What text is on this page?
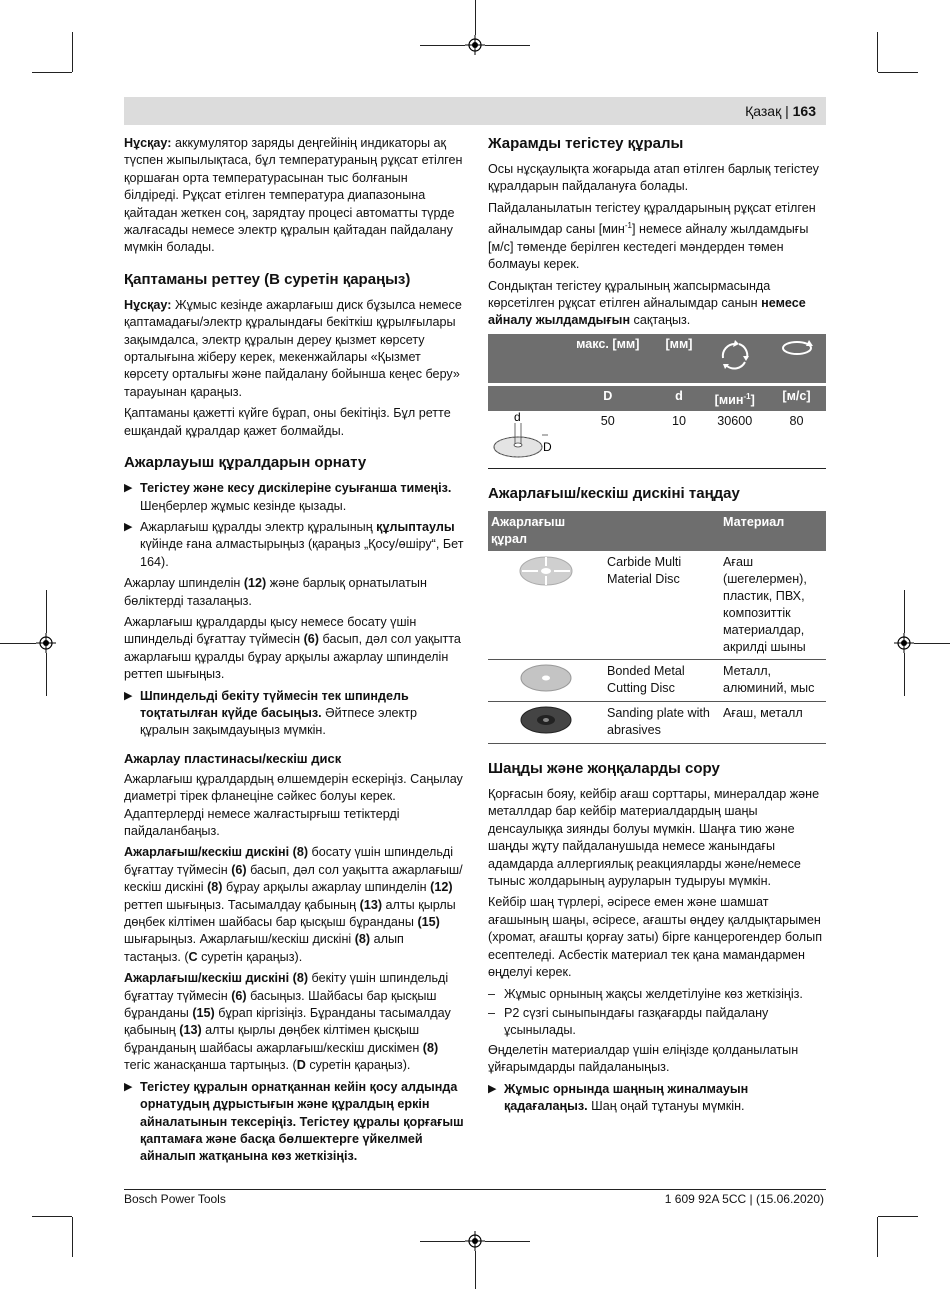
Қазақ | 163

Нұсқау: аккумулятор заряды деңгейінің индикаторы ақ түспен жыпылықтаса, бұл температураның рұқсат етілген қоршаған орта температурасынан тыс болғанын білдіреді. Рұқсат етілген температура диапазонына қайтадан жеткен соң, зарядтау процесі автоматты түрде жалғасады немесе электр құралын қайтадан пайдалану мүмкін болады.

Қаптаманы реттеу (B суретін қараңыз)

Нұсқау: Жұмыс кезінде ажарлағыш диск бұзылса немесе қаптамадағы/электр құралындағы бекіткіш құрылғылары зақымдалса, электр құралын дереу қызмет көрсету орталығына жіберу керек, мекенжайлары «Қызмет көрсету орталығы және пайдалану бойынша кеңес беру» тарауынан қараңыз.

Қаптаманы қажетті күйге бұрап, оны бекітіңіз. Бұл ретте ешқандай құралдар қажет болмайды.

Ажарлауыш құралдарын орнату
▶ Тегістеу және кесу дискілеріне суығанша тимеңіз. Шеңберлер жұмыс кезінде қызады.
▶ Ажарлағыш құралды электр құралының құлыптаулы күйінде ғана алмастырыңыз (қараңыз „Қосу/өшіру“, Бет 164).

Ажарлау шпинделін (12) және барлық орнатылатын бөліктерді тазалаңыз.

Ажарлағыш құралдарды қысу немесе босату үшін шпиндельді бұғаттау түймесін (6) басып, дәл сол уақытта ажарлағыш құралды бұрау арқылы ажарлау шпинделін реттеп шығыңыз.

▶ Шпиндельді бекіту түймесін тек шпиндель тоқтатылған күйде басыңыз. Әйтпесе электр құралын зақымдауыңыз мүмкін.
Ажарлау пластинасы/кескіш диск

Ажарлағыш құралдардың өлшемдерін ескеріңіз. Саңылау диаметрі тірек фланеціне сәйкес болуы керек. Адаптерлерді немесе жалғастырғыш тетіктерді пайдаланбаңыз.

Ажарлағыш/кескіш дискіні (8) босату үшін шпиндельді бұғаттау түймесін (6) басып, дәл сол уақытта ажарлағыш/кескіш дискіні (8) бұрау арқылы ажарлау шпинделін (12) реттеп шығыңыз. Тасымалдау қабының (13) алты қырлы дөңбек кілтімен шайбасы бар қысқыш бұранданы (15) шығарыңыз. Ажарлағыш/кескіш дискіні (8) алып тастаңыз. (C суретін қараңыз).

Ажарлағыш/кескіш дискіні (8) бекіту үшін шпиндельді бұғаттау түймесін (6) басыңыз. Шайбасы бар қысқыш бұранданы (15) бұрап кіргізіңіз. Бұранданы тасымалдау қабының (13) алты қырлы дөңбек кілтімен қысқыш бұранданың шайбасы ажарлағыш/кескіш дискімен (8) тегіс жанасқанша тартыңыз. (D суретін қараңыз).

▶ Тегістеу құралын орнатқаннан кейін қосу алдында орнатудың дұрыстығын және құралдың еркін айналатынын тексеріңіз. Тегістеу құралы қорғағыш қаптамаға және басқа бөлшектерге үйкелмей айналып жатқанына көз жеткізіңіз.
Жарамды тегістеу құралы

Осы нұсқаулықта жоғарыда атап өтілген барлық тегістеу құралдарын пайдалануға болады.

Пайдаланылатын тегістеу құралдарының рұқсат етілген айналымдар саны [мин$^{-1}$] немесе айналу жылдамдығы [м/с] төменде берілген кестедегі мәндерден төмен болмауы керек.

Сондықтан тегістеу құралының жапсырмасында көрсетілген рұқсат етілген айналымдар санын немесе айналу жылдамдығын сақтаңыз.

	макс. [мм]	[мм]		

	D	d	[мин$^{-1}$]	[м/с]

d
D	50	10	30600	80
Ажарлағыш/кескіш дискіні таңдау
Ажарлағыш құрал		Материал
	Carbide Multi Material Disc	Ағаш (шегелермен), пластик, ПВХ, композиттік материалдар, акрилді шыны
	Bonded Metal Cutting Disc	Металл, алюминий, мыс
	Sanding plate with abrasives	Ағаш, металл
Шаңды және жоңқаларды сору

Қорғасын бояу, кейбір ағаш сорттары, минералдар және металлдар бар кейбір материалдардың шаңы денсаулыққа зиянды болуы мүмкін. Шаңға тию және шаңды жұту пайдаланушыда немесе жанындағы адамдарда аллергиялық реакцияларды және/немесе тыныс жолдарының ауруларын тудыруы мүмкін.

Кейбір шаң түрлері, әсіресе емен және шамшат ағашының шаңы, әсіресе, ағашты өңдеу қалдықтарымен (хромат, ағашты қорғау заты) бірге канцерогендер болып есептеледі. Асбестік материал тек қана мамандармен өңделуі керек.

– Жұмыс орнының жақсы желдетілуіне көз жеткізіңіз.
– P2 сүзгі сыныпындағы газқағарды пайдалану ұсынылады.

Өңделетін материалдар үшін еліңізде қолданылатын ұйғарымдарды пайдаланыңыз.

▶ Жұмыс орнында шаңның жиналмауын қадағалаңыз. Шаң оңай тұтануы мүмкін.
Bosch Power Tools	1 609 92A 5CC | (15.06.2020)
